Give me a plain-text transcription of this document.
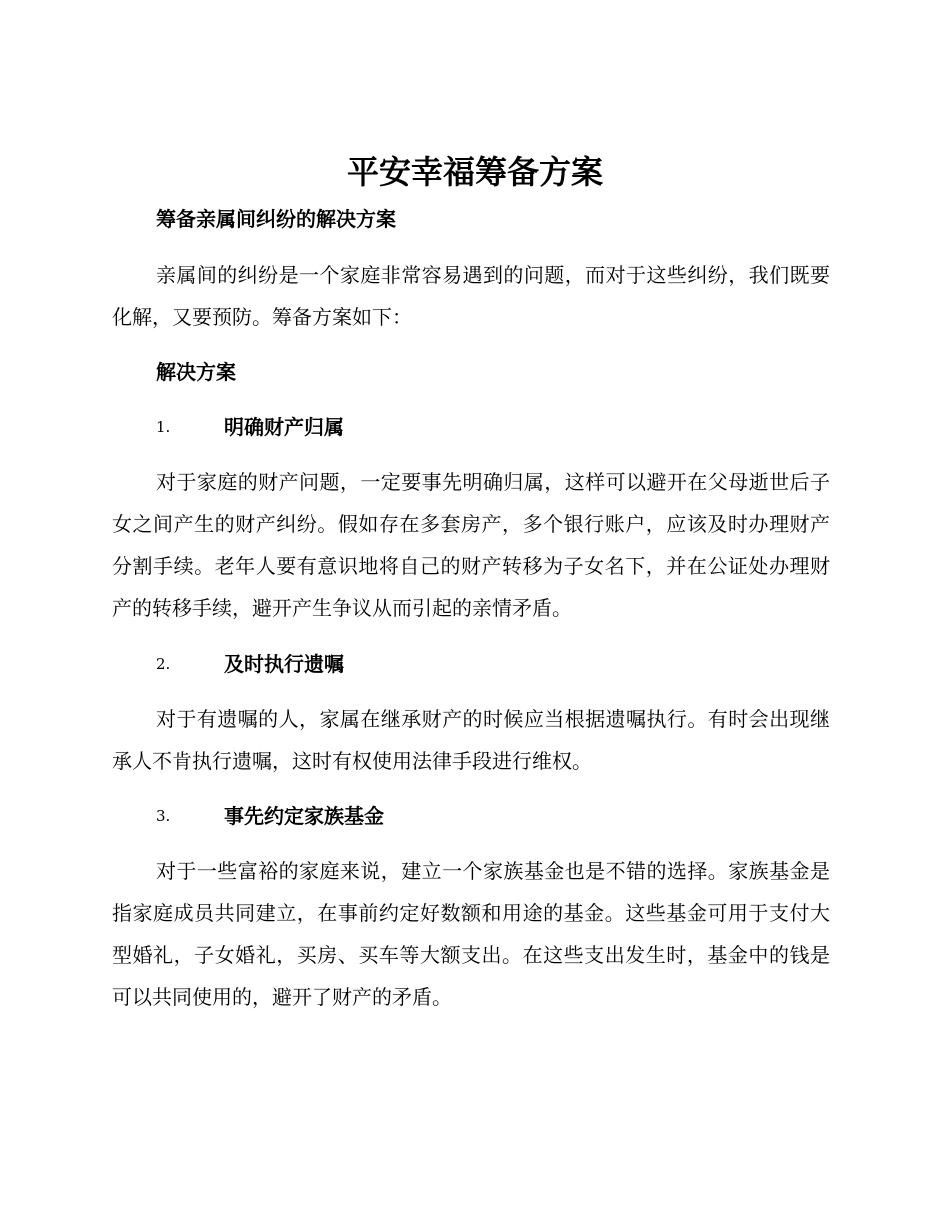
平安幸福筹备方案
筹备亲属间纠纷的解决方案
亲属间的纠纷是一个家庭非常容易遇到的问题，而对于这些纠纷，我们既要化解，又要预防。筹备方案如下：
解决方案
1.	明确财产归属
对于家庭的财产问题，一定要事先明确归属，这样可以避开在父母逝世后子女之间产生的财产纠纷。假如存在多套房产，多个银行账户，应该及时办理财产分割手续。老年人要有意识地将自己的财产转移为子女名下，并在公证处办理财产的转移手续，避开产生争议从而引起的亲情矛盾。
2.	及时执行遗嘱
对于有遗嘱的人，家属在继承财产的时候应当根据遗嘱执行。有时会出现继承人不肯执行遗嘱，这时有权使用法律手段进行维权。
3.	事先约定家族基金
对于一些富裕的家庭来说，建立一个家族基金也是不错的选择。家族基金是指家庭成员共同建立，在事前约定好数额和用途的基金。这些基金可用于支付大型婚礼，子女婚礼，买房、买车等大额支出。在这些支出发生时，基金中的钱是可以共同使用的，避开了财产的矛盾。
